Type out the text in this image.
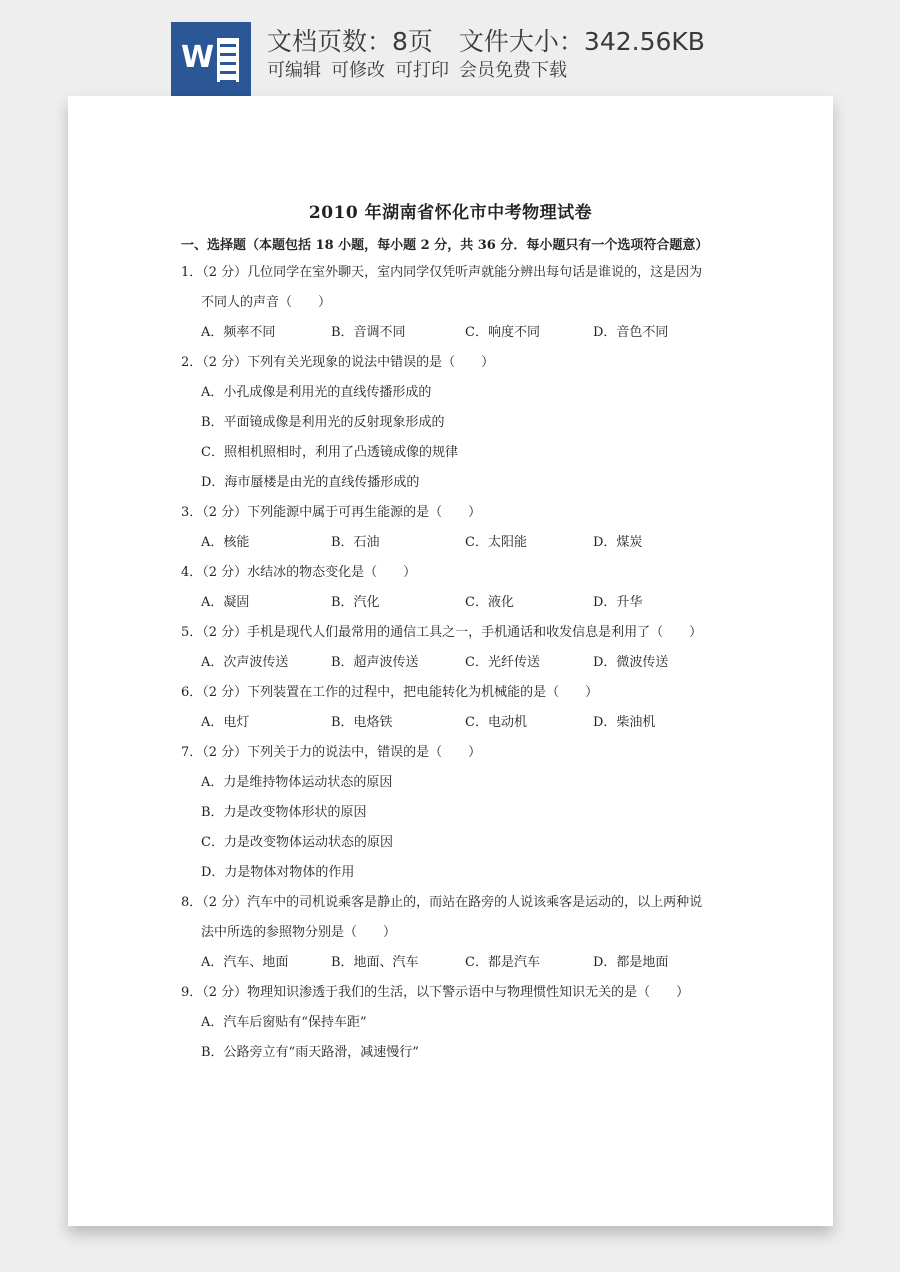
W 文档页数：8页 文件大小：342.56KB
可编辑 可修改 可打印 会员免费下载
2010 年湖南省怀化市中考物理试卷
一、选择题（本题包括 18 小题，每小题 2 分，共 36 分．每小题只有一个选项符合题意）
1．（2 分）几位同学在室外聊天，室内同学仅凭听声就能分辨出每句话是谁说的，这是因为
不同人的声音（　　）
A．频率不同	B．音调不同	C．响度不同	D．音色不同
2．（2 分）下列有关光现象的说法中错误的是（　　）
A．小孔成像是利用光的直线传播形成的
B．平面镜成像是利用光的反射现象形成的
C．照相机照相时，利用了凸透镜成像的规律
D．海市蜃楼是由光的直线传播形成的
3．（2 分）下列能源中属于可再生能源的是（　　）
A．核能	B．石油	C．太阳能	D．煤炭
4．（2 分）水结冰的物态变化是（　　）
A．凝固	B．汽化	C．液化	D．升华
5．（2 分）手机是现代人们最常用的通信工具之一，手机通话和收发信息是利用了（　　）
A．次声波传送	B．超声波传送	C．光纤传送	D．微波传送
6．（2 分）下列装置在工作的过程中，把电能转化为机械能的是（　　）
A．电灯	B．电烙铁	C．电动机	D．柴油机
7．（2 分）下列关于力的说法中，错误的是（　　）
A．力是维持物体运动状态的原因
B．力是改变物体形状的原因
C．力是改变物体运动状态的原因
D．力是物体对物体的作用
8．（2 分）汽车中的司机说乘客是静止的，而站在路旁的人说该乘客是运动的，以上两种说
法中所选的参照物分别是（　　）
A．汽车、地面	B．地面、汽车	C．都是汽车	D．都是地面
9．（2 分）物理知识渗透于我们的生活，以下警示语中与物理惯性知识无关的是（　　）
A．汽车后窗贴有“保持车距”
B．公路旁立有“雨天路滑，减速慢行”
